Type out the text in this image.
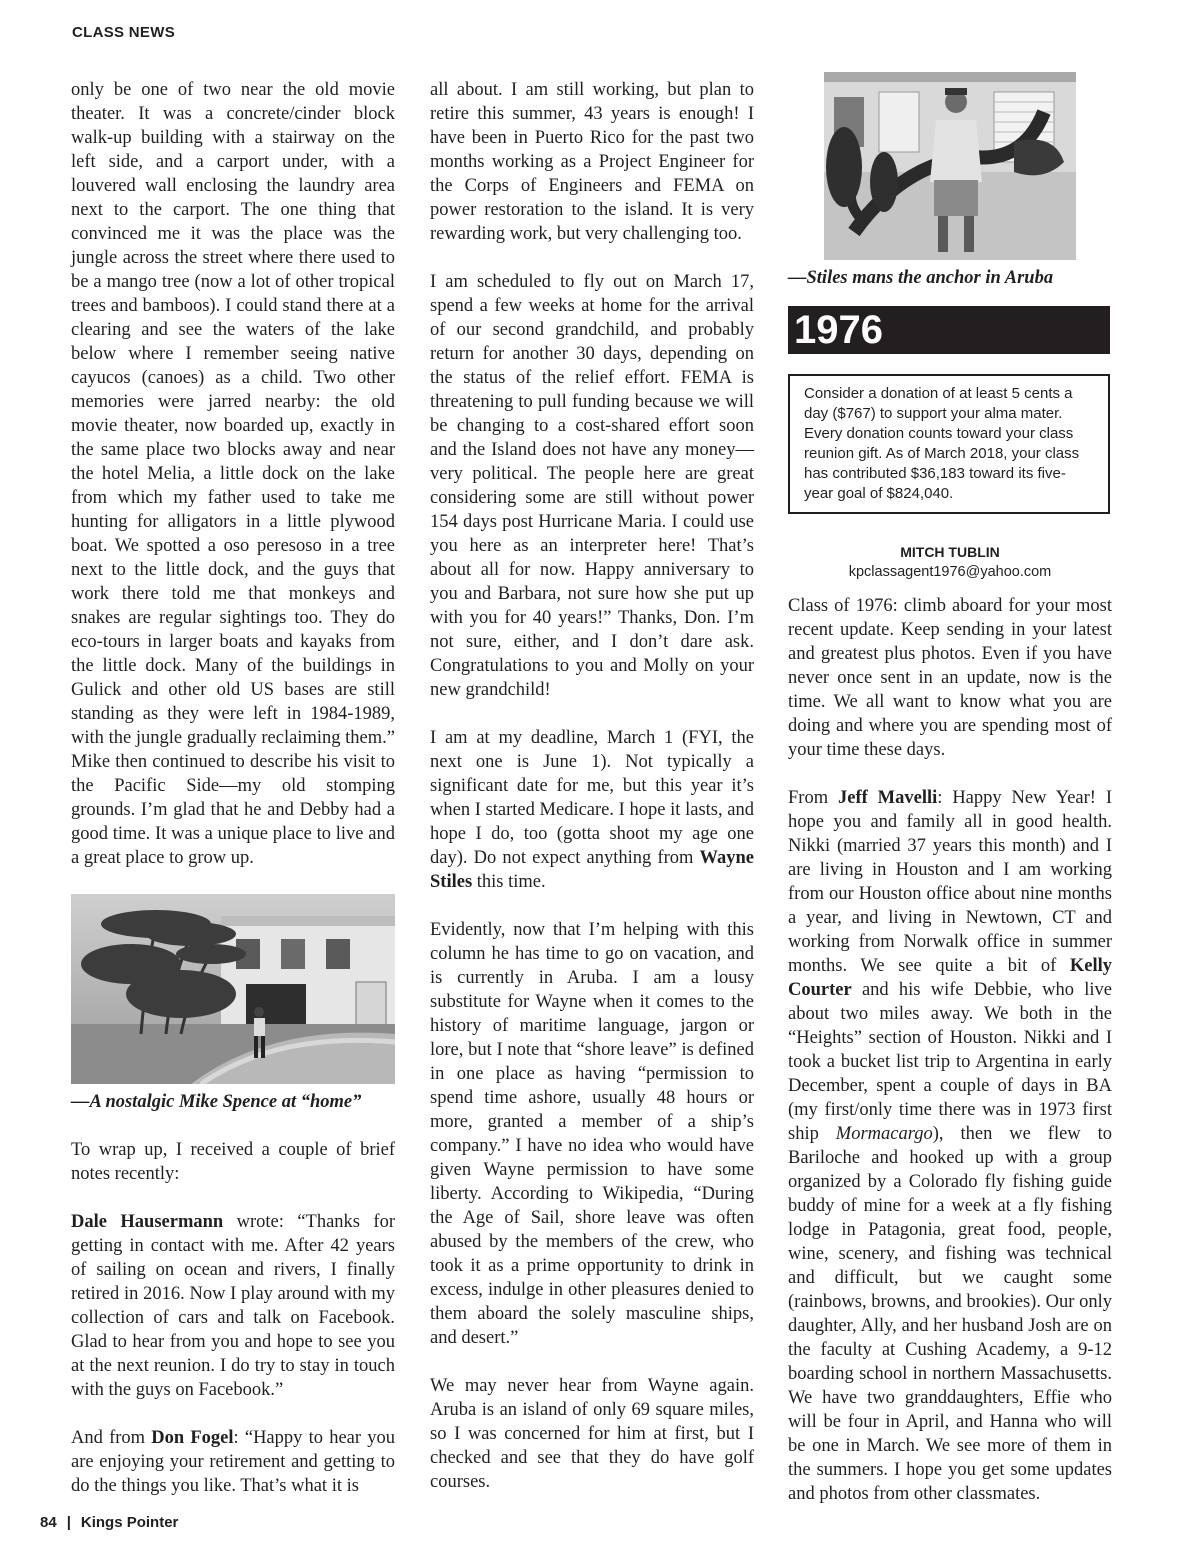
CLASS NEWS

only be one of two near the old movie theater. It was a concrete/cinder block walk-up building with a stairway on the left side, and a carport under, with a louvered wall enclosing the laundry area next to the carport. The one thing that convinced me it was the place was the jungle across the street where there used to be a mango tree (now a lot of other tropical trees and bamboos). I could stand there at a clearing and see the waters of the lake below where I remember seeing native cayucos (canoes) as a child. Two other memories were jarred nearby: the old movie theater, now boarded up, exactly in the same place two blocks away and near the hotel Melia, a little dock on the lake from which my father used to take me hunting for alligators in a little plywood boat. We spotted a oso peresoso in a tree next to the little dock, and the guys that work there told me that monkeys and snakes are regular sightings too. They do eco-tours in larger boats and kayaks from the little dock. Many of the buildings in Gulick and other old US bases are still standing as they were left in 1984-1989, with the jungle gradually reclaiming them.” Mike then continued to describe his visit to the Pacific Side—my old stomping grounds. I’m glad that he and Debby had a good time. It was a unique place to live and a great place to grow up.

—A nostalgic Mike Spence at “home”

To wrap up, I received a couple of brief notes recently:

Dale Hausermann wrote: “Thanks for getting in contact with me. After 42 years of sailing on ocean and rivers, I finally retired in 2016. Now I play around with my collection of cars and talk on Facebook. Glad to hear from you and hope to see you at the next reunion. I do try to stay in touch with the guys on Facebook.”

And from Don Fogel: “Happy to hear you are enjoying your retirement and getting to do the things you like. That’s what it is

all about. I am still working, but plan to retire this summer, 43 years is enough! I have been in Puerto Rico for the past two months working as a Project Engineer for the Corps of Engineers and FEMA on power restoration to the island. It is very rewarding work, but very challenging too.

I am scheduled to fly out on March 17, spend a few weeks at home for the arrival of our second grandchild, and probably return for another 30 days, depending on the status of the relief effort. FEMA is threatening to pull funding because we will be changing to a cost-shared effort soon and the Island does not have any money—very political. The people here are great considering some are still without power 154 days post Hurricane Maria. I could use you here as an interpreter here! That’s about all for now. Happy anniversary to you and Barbara, not sure how she put up with you for 40 years!” Thanks, Don. I’m not sure, either, and I don’t dare ask. Congratulations to you and Molly on your new grandchild!

I am at my deadline, March 1 (FYI, the next one is June 1). Not typically a significant date for me, but this year it’s when I started Medicare. I hope it lasts, and hope I do, too (gotta shoot my age one day). Do not expect anything from Wayne Stiles this time.

Evidently, now that I’m helping with this column he has time to go on vacation, and is currently in Aruba. I am a lousy substitute for Wayne when it comes to the history of maritime language, jargon or lore, but I note that “shore leave” is defined in one place as having “permission to spend time ashore, usually 48 hours or more, granted a member of a ship’s company.” I have no idea who would have given Wayne permission to have some liberty. According to Wikipedia, “During the Age of Sail, shore leave was often abused by the members of the crew, who took it as a prime opportunity to drink in excess, indulge in other pleasures denied to them aboard the solely masculine ships, and desert.”

We may never hear from Wayne again. Aruba is an island of only 69 square miles, so I was concerned for him at first, but I checked and see that they do have golf courses.

—Stiles mans the anchor in Aruba
1976
Consider a donation of at least 5 cents a day ($767) to support your alma mater. Every donation counts toward your class reunion gift. As of March 2018, your class has contributed $36,183 toward its five-year goal of $824,040.
MITCH TUBLIN
kpclassagent1976@yahoo.com

Class of 1976: climb aboard for your most recent update. Keep sending in your latest and greatest plus photos. Even if you have never once sent in an update, now is the time. We all want to know what you are doing and where you are spending most of your time these days.

From Jeff Mavelli: Happy New Year! I hope you and family all in good health. Nikki (married 37 years this month) and I are living in Houston and I am working from our Houston office about nine months a year, and living in Newtown, CT and working from Norwalk office in summer months. We see quite a bit of Kelly Courter and his wife Debbie, who live about two miles away. We both in the “Heights” section of Houston. Nikki and I took a bucket list trip to Argentina in early December, spent a couple of days in BA (my first/only time there was in 1973 first ship Mormacargo), then we flew to Bariloche and hooked up with a group organized by a Colorado fly fishing guide buddy of mine for a week at a fly fishing lodge in Patagonia, great food, people, wine, scenery, and fishing was technical and difficult, but we caught some (rainbows, browns, and brookies). Our only daughter, Ally, and her husband Josh are on the faculty at Cushing Academy, a 9-12 boarding school in northern Massachusetts. We have two granddaughters, Effie who will be four in April, and Hanna who will be one in March. We see more of them in the summers. I hope you get some updates and photos from other classmates.

84 | Kings Pointer
